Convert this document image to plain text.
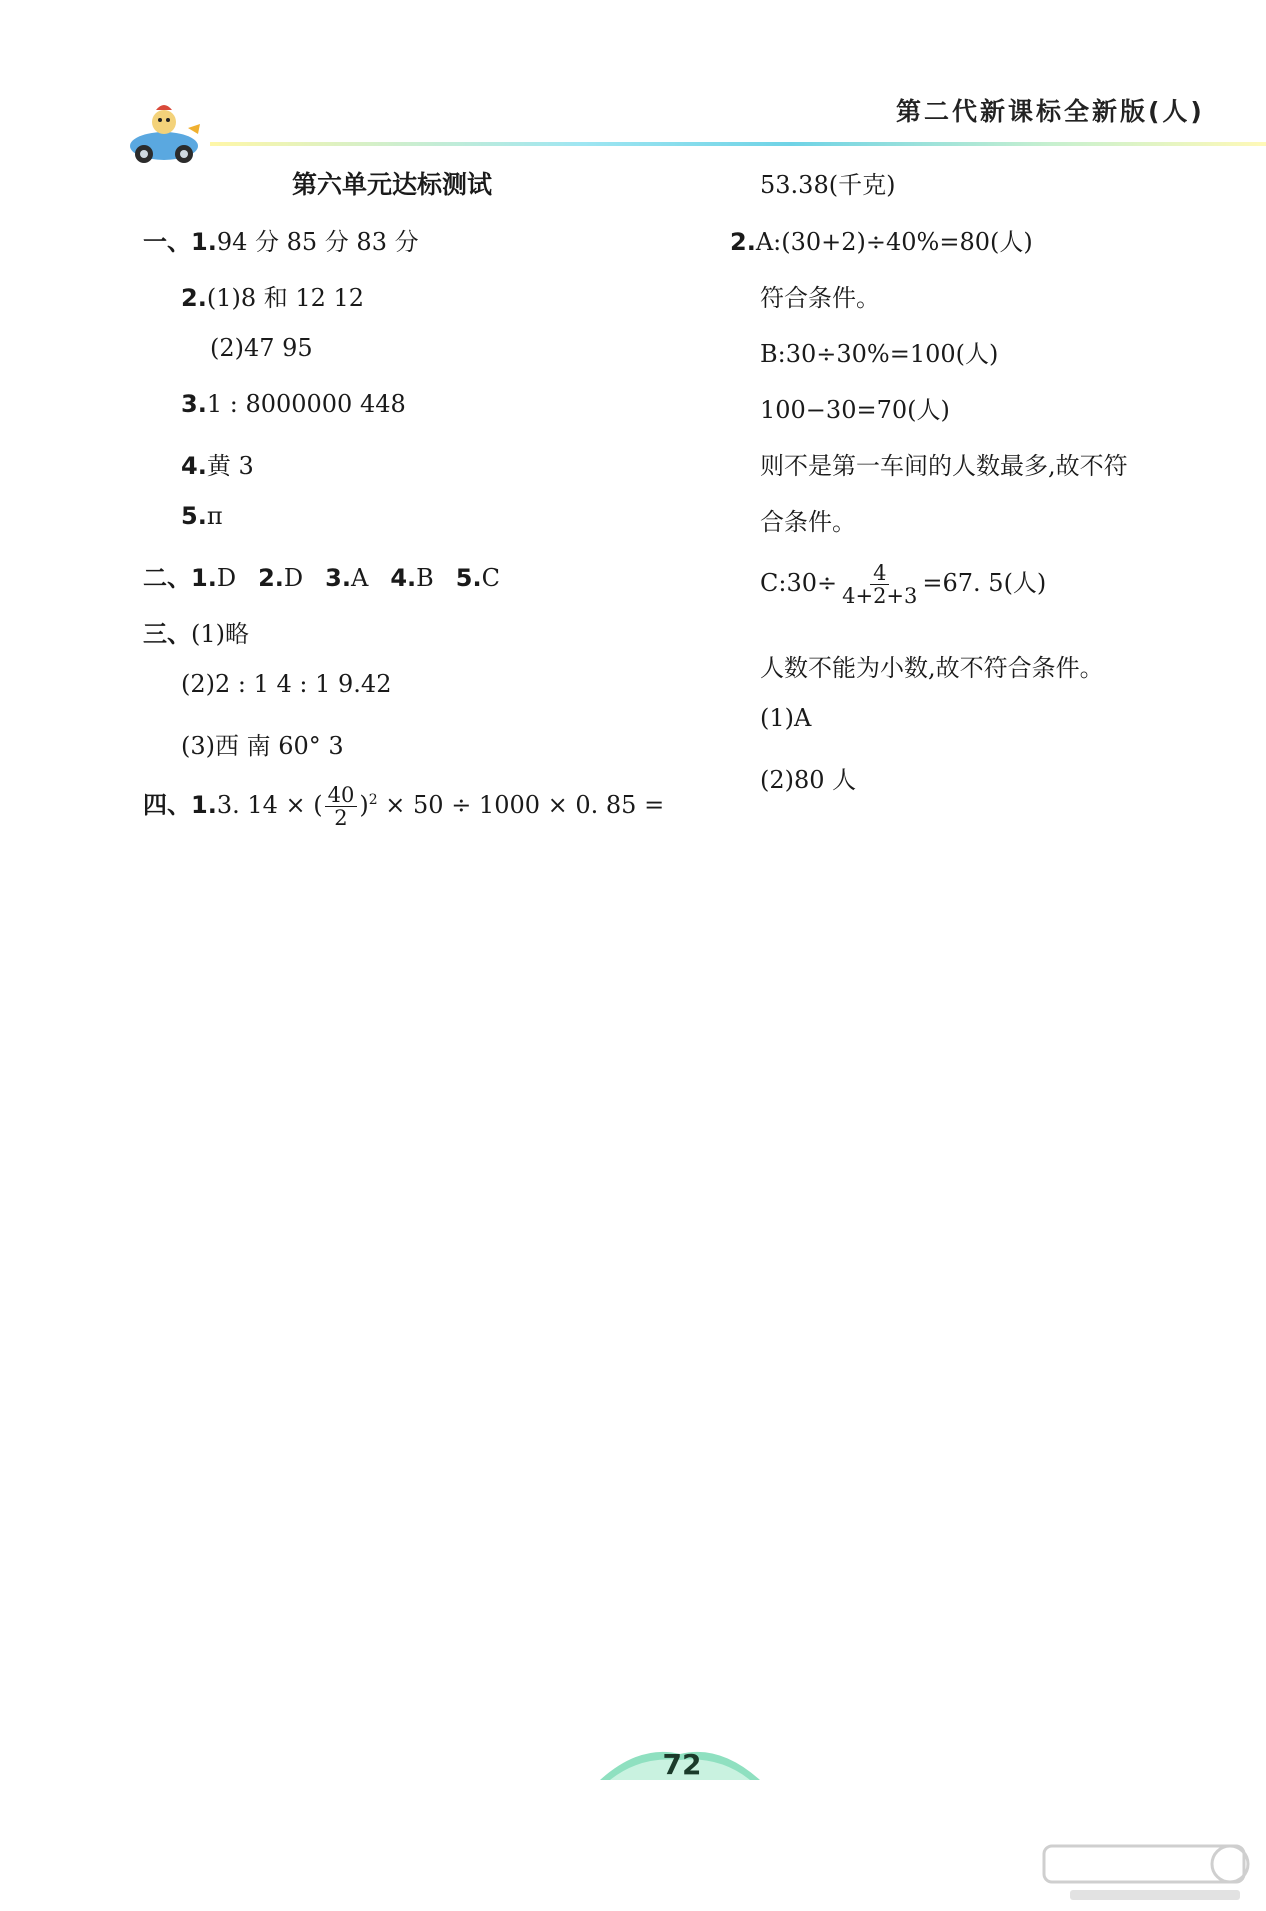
第二代新课标全新版(人)
第六单元达标测试
一、1.94 分 85 分 83 分
2.(1)8 和 12 12
(2)47 95
3.1 : 8000000 448
4.黄 3
5.π
二、1.D 2.D 3.A 4.B 5.C
三、(1)略
(2)2 : 1 4 : 1 9.42
(3)西 南 60° 3
四、1.3. 14 × ( $\frac{40}{2} )^2 \times 50 \div 1000 \times 0$. 85 =
53.38(千克)
2.A:(30+2)÷40%=80(人)
符合条件。
B:30÷30%=100(人)
100−30=70(人)
则不是第一车间的人数最多,故不符
合条件。
C:30÷ $\frac{4}{4+2+3} =67$. 5(人)
人数不能为小数,故不符合条件。
(1)A
(2)80 人
72
